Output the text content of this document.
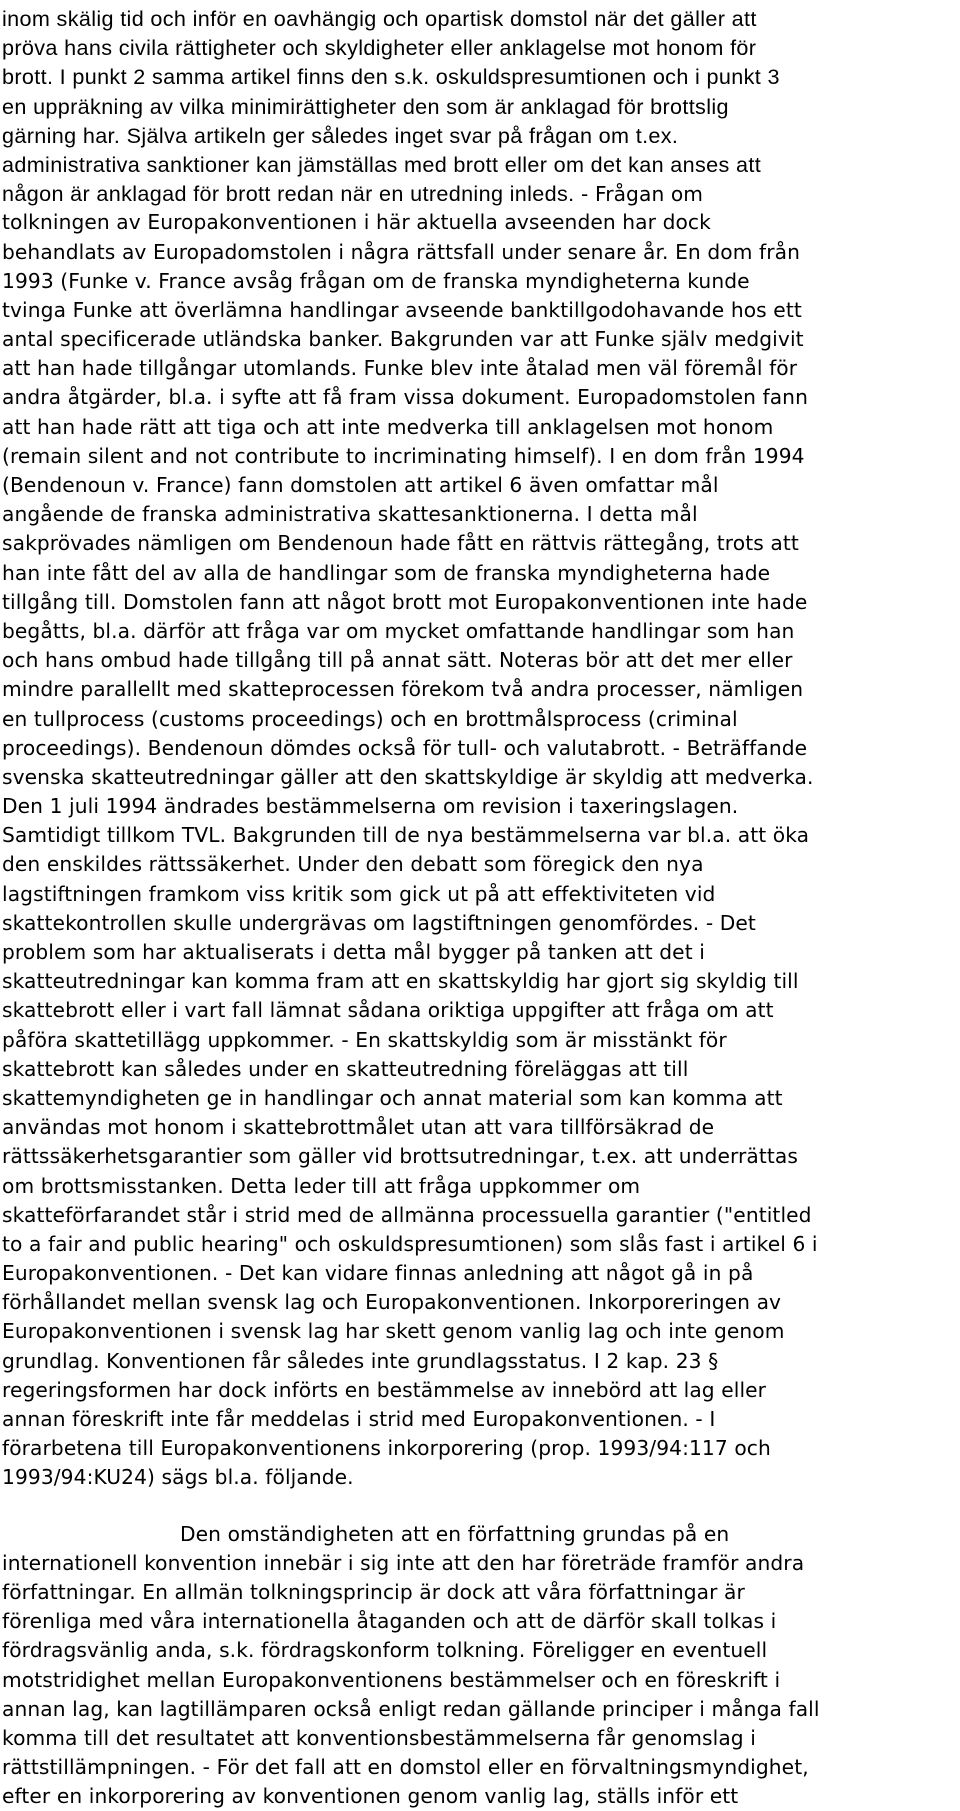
inom skälig tid och inför en oavhängig och opartisk domstol när det gäller att
pröva hans civila rättigheter och skyldigheter eller anklagelse mot honom för
brott. I punkt 2 samma artikel finns den s.k. oskuldspresumtionen och i punkt 3
en uppräkning av vilka minimirättigheter den som är anklagad för brottslig
gärning har. Själva artikeln ger således inget svar på frågan om t.ex.
administrativa sanktioner kan jämställas med brott eller om det kan anses att
någon är anklagad för brott redan när en utredning inleds. - Frågan om
tolkningen av Europakonventionen i här aktuella avseenden har dock
behandlats av Europadomstolen i några rättsfall under senare år. En dom från
1993 (Funke v. France avsåg frågan om de franska myndigheterna kunde
tvinga Funke att överlämna handlingar avseende banktillgodohavande hos ett
antal specificerade utländska banker. Bakgrunden var att Funke själv medgivit
att han hade tillgångar utomlands. Funke blev inte åtalad men väl föremål för
andra åtgärder, bl.a. i syfte att få fram vissa dokument. Europadomstolen fann
att han hade rätt att tiga och att inte medverka till anklagelsen mot honom
(remain silent and not contribute to incriminating himself). I en dom från 1994
(Bendenoun v. France) fann domstolen att artikel 6 även omfattar mål
angående de franska administrativa skattesanktionerna. I detta mål
sakprövades nämligen om Bendenoun hade fått en rättvis rättegång, trots att
han inte fått del av alla de handlingar som de franska myndigheterna hade
tillgång till. Domstolen fann att något brott mot Europakonventionen inte hade
begåtts, bl.a. därför att fråga var om mycket omfattande handlingar som han
och hans ombud hade tillgång till på annat sätt. Noteras bör att det mer eller
mindre parallellt med skatteprocessen förekom två andra processer, nämligen
en tullprocess (customs proceedings) och en brottmålsprocess (criminal
proceedings). Bendenoun dömdes också för tull- och valutabrott. - Beträffande
svenska skatteutredningar gäller att den skattskyldige är skyldig att medverka.
Den 1 juli 1994 ändrades bestämmelserna om revision i taxeringslagen.
Samtidigt tillkom TVL. Bakgrunden till de nya bestämmelserna var bl.a. att öka
den enskildes rättssäkerhet. Under den debatt som föregick den nya
lagstiftningen framkom viss kritik som gick ut på att effektiviteten vid
skattekontrollen skulle undergrävas om lagstiftningen genomfördes. - Det
problem som har aktualiserats i detta mål bygger på tanken att det i
skatteutredningar kan komma fram att en skattskyldig har gjort sig skyldig till
skattebrott eller i vart fall lämnat sådana oriktiga uppgifter att fråga om att
påföra skattetillägg uppkommer. - En skattskyldig som är misstänkt för
skattebrott kan således under en skatteutredning föreläggas att till
skattemyndigheten ge in handlingar och annat material som kan komma att
användas mot honom i skattebrottmålet utan att vara tillförsäkrad de
rättssäkerhetsgarantier som gäller vid brottsutredningar, t.ex. att underrättas
om brottsmisstanken. Detta leder till att fråga uppkommer om
skatteförfarandet står i strid med de allmänna processuella garantier ("entitled
to a fair and public hearing" och oskuldspresumtionen) som slås fast i artikel 6 i
Europakonventionen. - Det kan vidare finnas anledning att något gå in på
förhållandet mellan svensk lag och Europakonventionen. Inkorporeringen av
Europakonventionen i svensk lag har skett genom vanlig lag och inte genom
grundlag. Konventionen får således inte grundlagsstatus. I 2 kap. 23 §
regeringsformen har dock införts en bestämmelse av innebörd att lag eller
annan föreskrift inte får meddelas i strid med Europakonventionen. - I
förarbetena till Europakonventionens inkorporering (prop. 1993/94:117 och
1993/94:KU24) sägs bl.a. följande.
Den omständigheten att en författning grundas på en
internationell konvention innebär i sig inte att den har företräde framför andra
författningar. En allmän tolkningsprincip är dock att våra författningar är
förenliga med våra internationella åtaganden och att de därför skall tolkas i
fördragsvänlig anda, s.k. fördragskonform tolkning. Föreligger en eventuell
motstridighet mellan Europakonventionens bestämmelser och en föreskrift i
annan lag, kan lagtillämparen också enligt redan gällande principer i många fall
komma till det resultatet att konventionsbestämmelserna får genomslag i
rättstillämpningen. - För det fall att en domstol eller en förvaltningsmyndighet,
efter en inkorporering av konventionen genom vanlig lag, ställs inför ett
